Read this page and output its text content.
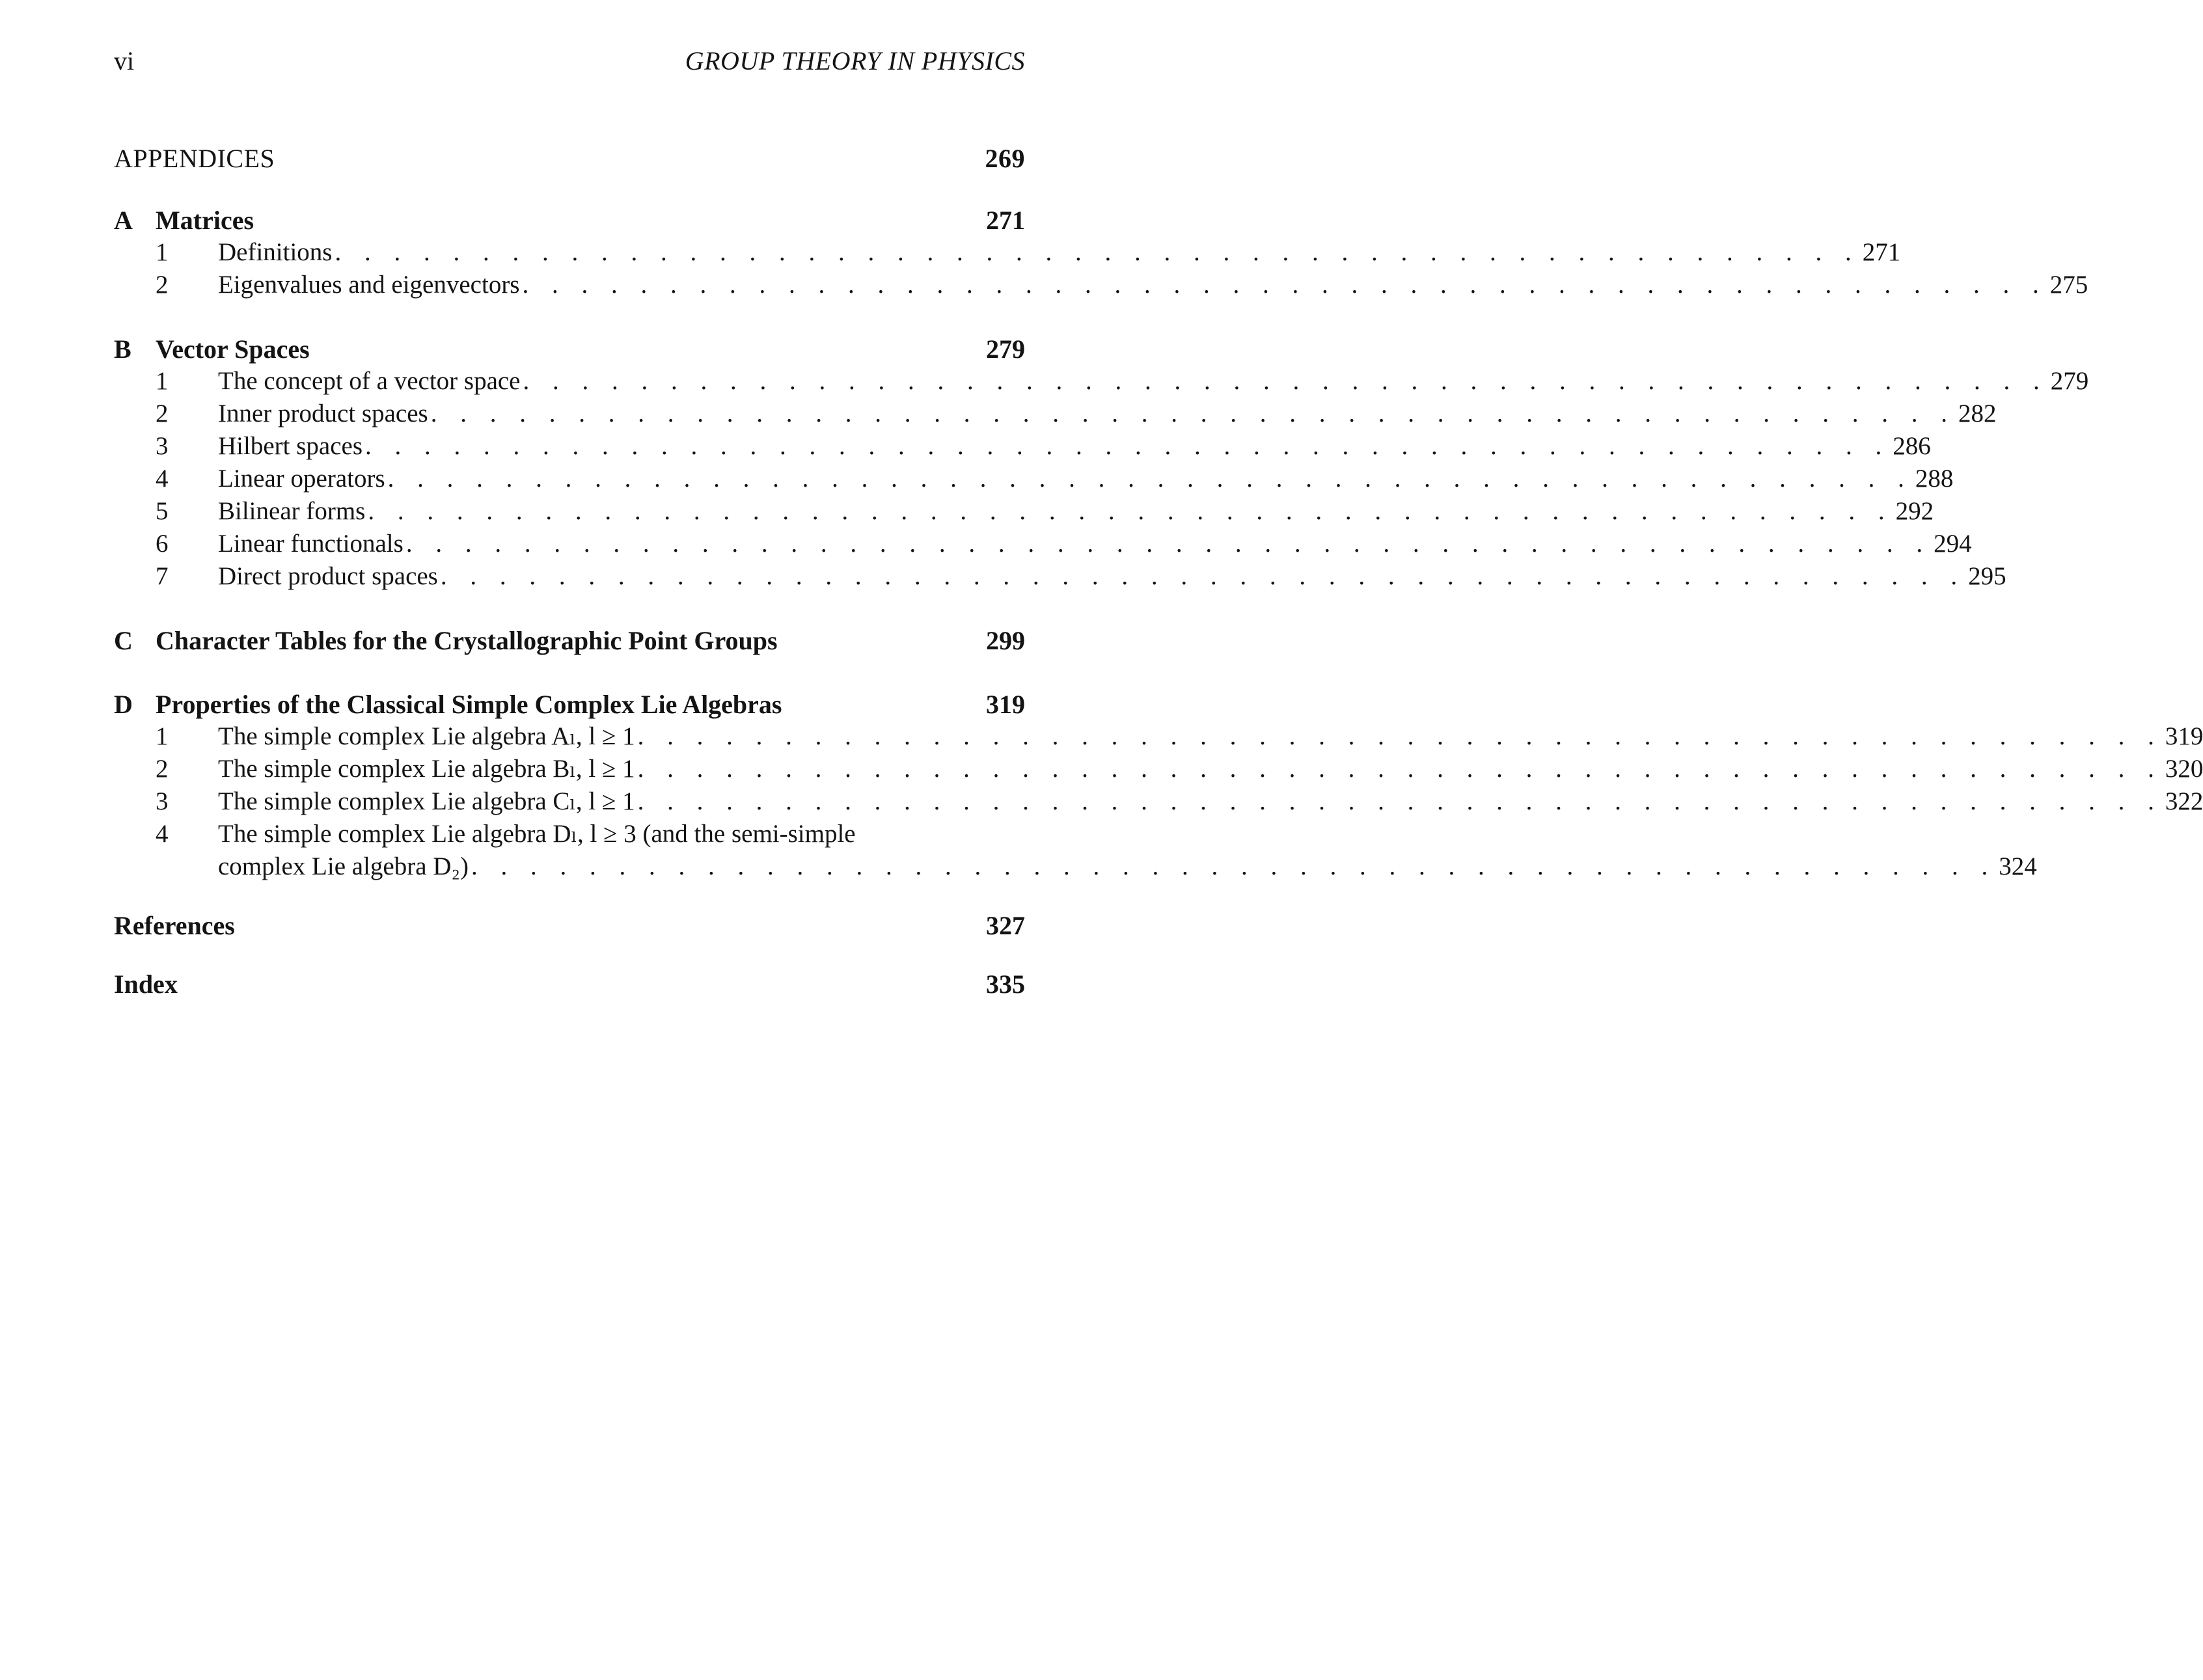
vi	GROUP THEORY IN PHYSICS
APPENDICES	269
A Matrices	271
1	Definitions . . . . . . . . . . . . . . . . . . . . . . . . . . . . . . . . . . . . . . . . . . . . . . . . . . . . 271
2	Eigenvalues and eigenvectors . . . . . . . . . . . . . . . . . . . . . . . . . . . . . . . . . . . . . . . . . . . . . . . . . . . . 275
B Vector Spaces	279
1	The concept of a vector space . . . . . . . . . . . . . . . . . . . . . . . . . . . . . . . . . . . . . . . . . . . . . . . . . . . . 279
2	Inner product spaces . . . . . . . . . . . . . . . . . . . . . . . . . . . . . . . . . . . . . . . . . . . . . . . . . . . . 282
3	Hilbert spaces . . . . . . . . . . . . . . . . . . . . . . . . . . . . . . . . . . . . . . . . . . . . . . . . . . . . 286
4	Linear operators . . . . . . . . . . . . . . . . . . . . . . . . . . . . . . . . . . . . . . . . . . . . . . . . . . . . 288
5	Bilinear forms . . . . . . . . . . . . . . . . . . . . . . . . . . . . . . . . . . . . . . . . . . . . . . . . . . . . 292
6	Linear functionals . . . . . . . . . . . . . . . . . . . . . . . . . . . . . . . . . . . . . . . . . . . . . . . . . . . . 294
7	Direct product spaces . . . . . . . . . . . . . . . . . . . . . . . . . . . . . . . . . . . . . . . . . . . . . . . . . . . . 295
C Character Tables for the Crystallographic Point Groups	299
D Properties of the Classical Simple Complex Lie Algebras	319
1	The simple complex Lie algebra Aₗ, l ≥ 1 . . . . . . . . . . . . . . . . . . . . . . . . . . . . . . . . . . . . . . . . . . . . . . . . . . . . 319
2	The simple complex Lie algebra Bₗ, l ≥ 1 . . . . . . . . . . . . . . . . . . . . . . . . . . . . . . . . . . . . . . . . . . . . . . . . . . . . 320
3	The simple complex Lie algebra Cₗ, l ≥ 1 . . . . . . . . . . . . . . . . . . . . . . . . . . . . . . . . . . . . . . . . . . . . . . . . . . . . 322
4	The simple complex Lie algebra Dₗ, l ≥ 3 (and the semi-simple
complex Lie algebra D₂) . . . . . . . . . . . . . . . . . . . . . . . . . . . . . . . . . . . . . . . . . . . . . . . . . . . . 324
References	327
Index	335
